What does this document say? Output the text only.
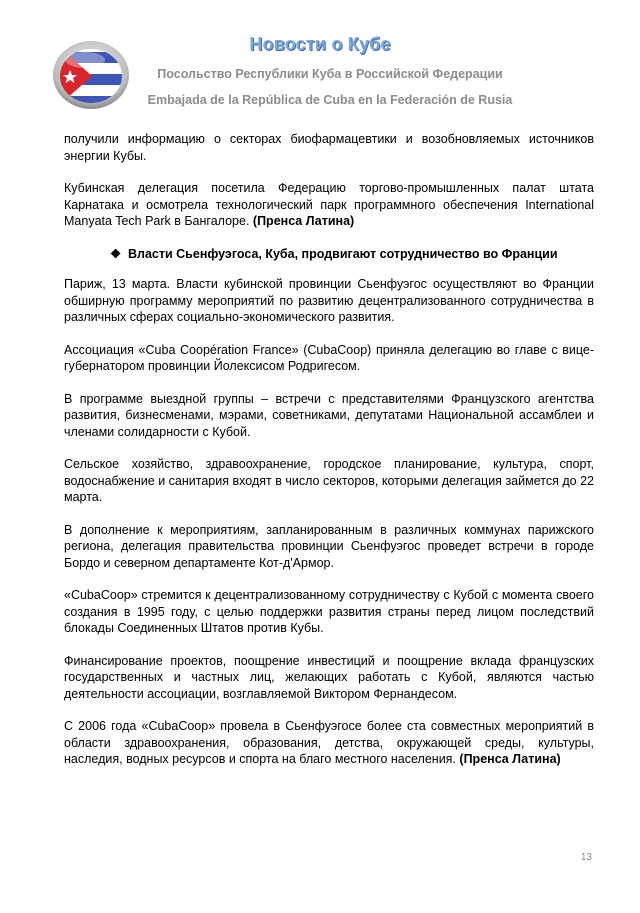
Новости о Кубе
Посольство Республики Куба в Российской Федерации
Embajada de la República de Cuba en la Federación de Rusia

получили информацию о секторах биофармацевтики и возобновляемых источников энергии Кубы.

Кубинская делегация посетила Федерацию торгово-промышленных палат штата Карнатака и осмотрела технологический парк программного обеспечения International Manyata Tech Park в Бангалоре. (Пренса Латина)

❖ Власти Сьенфуэгоса, Куба, продвигают сотрудничество во Франции

Париж, 13 марта. Власти кубинской провинции Сьенфуэгос осуществляют во Франции обширную программу мероприятий по развитию децентрализованного сотрудничества в различных сферах социально-экономического развития.

Ассоциация «Cuba Coopération France» (CubaCoop) приняла делегацию во главе с вице-губернатором провинции Йолексисом Родригесом.

В программе выездной группы – встречи с представителями Французского агентства развития, бизнесменами, мэрами, советниками, депутатами Национальной ассамблеи и членами солидарности с Кубой.

Сельское хозяйство, здравоохранение, городское планирование, культура, спорт, водоснабжение и санитария входят в число секторов, которыми делегация займется до 22 марта.

В дополнение к мероприятиям, запланированным в различных коммунах парижского региона, делегация правительства провинции Сьенфуэгос проведет встречи в городе Бордо и северном департаменте Кот-д'Армор.

«CubaCoop» стремится к децентрализованному сотрудничеству с Кубой с момента своего создания в 1995 году, с целью поддержки развития страны перед лицом последствий блокады Соединенных Штатов против Кубы.

Финансирование проектов, поощрение инвестиций и поощрение вклада французских государственных и частных лиц, желающих работать с Кубой, являются частью деятельности ассоциации, возглавляемой Виктором Фернандесом.

С 2006 года «CubaCoop» провела в Сьенфуэгосе более ста совместных мероприятий в области здравоохранения, образования, детства, окружающей среды, культуры, наследия, водных ресурсов и спорта на благо местного населения. (Пренса Латина)

13
